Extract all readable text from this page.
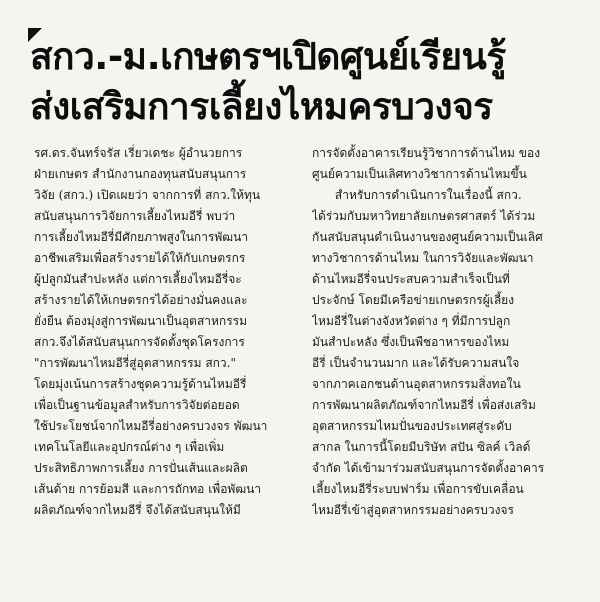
สกว.-ม.เกษตรฯเปิดศูนย์เรียนรู้
ส่งเสริมการเลี้ยงไหมครบวงจร
รศ.ดร.จันทร์จรัส เรี่ยวเดชะ ผู้อำนวยการ
ฝ่ายเกษตร สำนักงานกองทุนสนับสนุนการ
วิจัย (สกว.) เปิดเผยว่า จากการที่ สกว.ให้ทุน
สนับสนุนการวิจัยการเลี้ยงไหมอีรี่ พบว่า
การเลี้ยงไหมอีรี่มีศักยภาพสูงในการพัฒนา
อาชีพเสริมเพื่อสร้างรายได้ให้กับเกษตรกร
ผู้ปลูกมันสำปะหลัง แต่การเลี้ยงไหมอีรี่จะ
สร้างรายได้ให้เกษตรกรได้อย่างมั่นคงและ
ยั่งยืน ต้องมุ่งสู่การพัฒนาเป็นอุตสาหกรรม
สกว.จึงได้สนับสนุนการจัดตั้งชุดโครงการ
"การพัฒนาไหมอีรี่สู่อุตสาหกรรม สกว."
โดยมุ่งเน้นการสร้างชุดความรู้ด้านไหมอีรี่
เพื่อเป็นฐานข้อมูลสำหรับการวิจัยต่อยอด
ใช้ประโยชน์จากไหมอีรี่อย่างครบวงจร พัฒนา
เทคโนโลยีและอุปกรณ์ต่าง ๆ เพื่อเพิ่ม
ประสิทธิภาพการเลี้ยง การปั่นเส้นและผลิต
เส้นด้าย การย้อมสี และการถักทอ เพื่อพัฒนา
ผลิตภัณฑ์จากไหมอีรี่ จึงได้สนับสนุนให้มี
การจัดตั้งอาคารเรียนรู้วิชาการด้านไหม ของ
ศูนย์ความเป็นเลิศทางวิชาการด้านไหมขึ้น
สำหรับการดำเนินการในเรื่องนี้ สกว.
ได้ร่วมกับมหาวิทยาลัยเกษตรศาสตร์ ได้ร่วม
กันสนับสนุนดำเนินงานของศูนย์ความเป็นเลิศ
ทางวิชาการด้านไหม ในการวิจัยและพัฒนา
ด้านไหมอีรี่จนประสบความสำเร็จเป็นที่
ประจักษ์ โดยมีเครือข่ายเกษตรกรผู้เลี้ยง
ไหมอีรี่ในต่างจังหวัดต่าง ๆ ที่มีการปลูก
มันสำปะหลัง ซึ่งเป็นพืชอาหารของไหม
อีรี่ เป็นจำนวนมาก และได้รับความสนใจ
จากภาคเอกชนด้านอุตสาหกรรมสิ่งทอใน
การพัฒนาผลิตภัณฑ์จากไหมอีรี่ เพื่อส่งเสริม
อุตสาหกรรมไหมปั่นของประเทศสู่ระดับ
สากล ในการนี้โดยมีบริษัท สปัน ซิลค์ เวิลด์
จำกัด ได้เข้ามาร่วมสนับสนุนการจัดตั้งอาคาร
เลี้ยงไหมอีรี่ระบบฟาร์ม เพื่อการขับเคลื่อน
ไหมอีรี่เข้าสู่อุตสาหกรรมอย่างครบวงจร
